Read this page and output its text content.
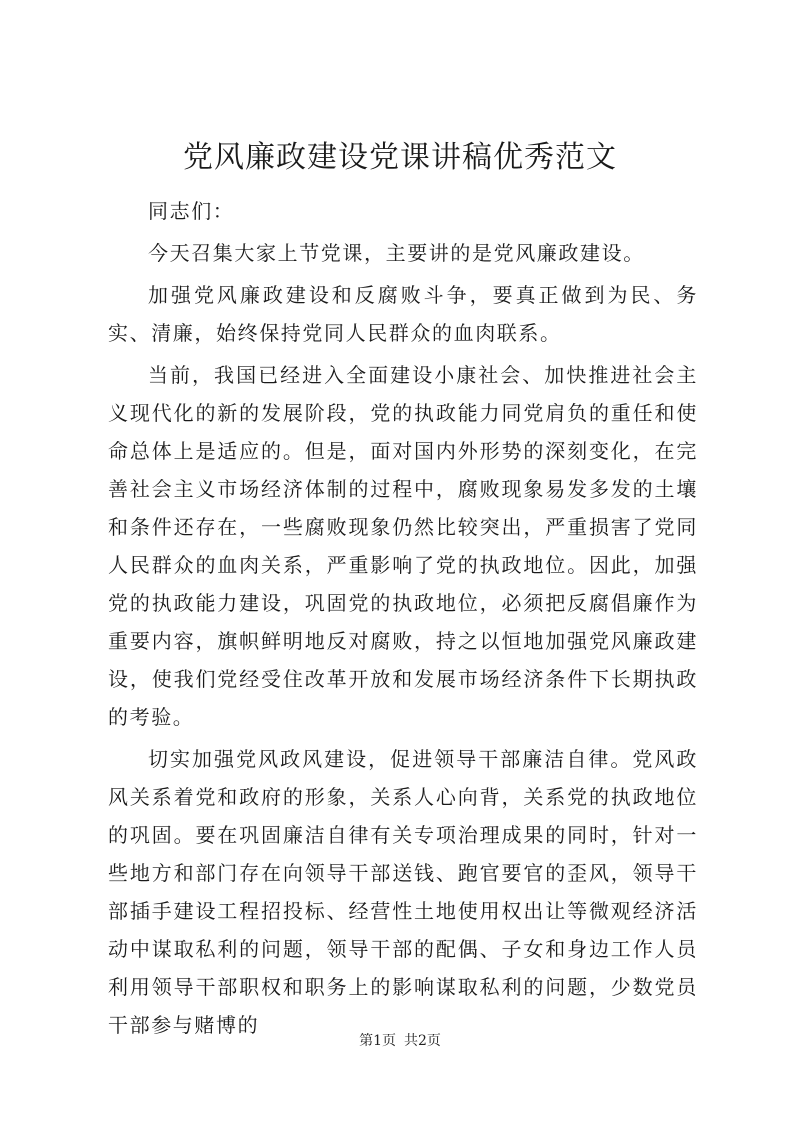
党风廉政建设党课讲稿优秀范文

同志们：

今天召集大家上节党课，主要讲的是党风廉政建设。

加强党风廉政建设和反腐败斗争，要真正做到为民、务实、清廉，始终保持党同人民群众的血肉联系。

当前，我国已经进入全面建设小康社会、加快推进社会主义现代化的新的发展阶段，党的执政能力同党肩负的重任和使命总体上是适应的。但是，面对国内外形势的深刻变化，在完善社会主义市场经济体制的过程中，腐败现象易发多发的土壤和条件还存在，一些腐败现象仍然比较突出，严重损害了党同人民群众的血肉关系，严重影响了党的执政地位。因此，加强党的执政能力建设，巩固党的执政地位，必须把反腐倡廉作为重要内容，旗帜鲜明地反对腐败，持之以恒地加强党风廉政建设，使我们党经受住改革开放和发展市场经济条件下长期执政的考验。

切实加强党风政风建设，促进领导干部廉洁自律。党风政风关系着党和政府的形象，关系人心向背，关系党的执政地位的巩固。要在巩固廉洁自律有关专项治理成果的同时，针对一些地方和部门存在向领导干部送钱、跑官要官的歪风，领导干部插手建设工程招投标、经营性土地使用权出让等微观经济活动中谋取私利的问题，领导干部的配偶、子女和身边工作人员利用领导干部职权和职务上的影响谋取私利的问题，少数党员干部参与赌博的

第1页 共2页
